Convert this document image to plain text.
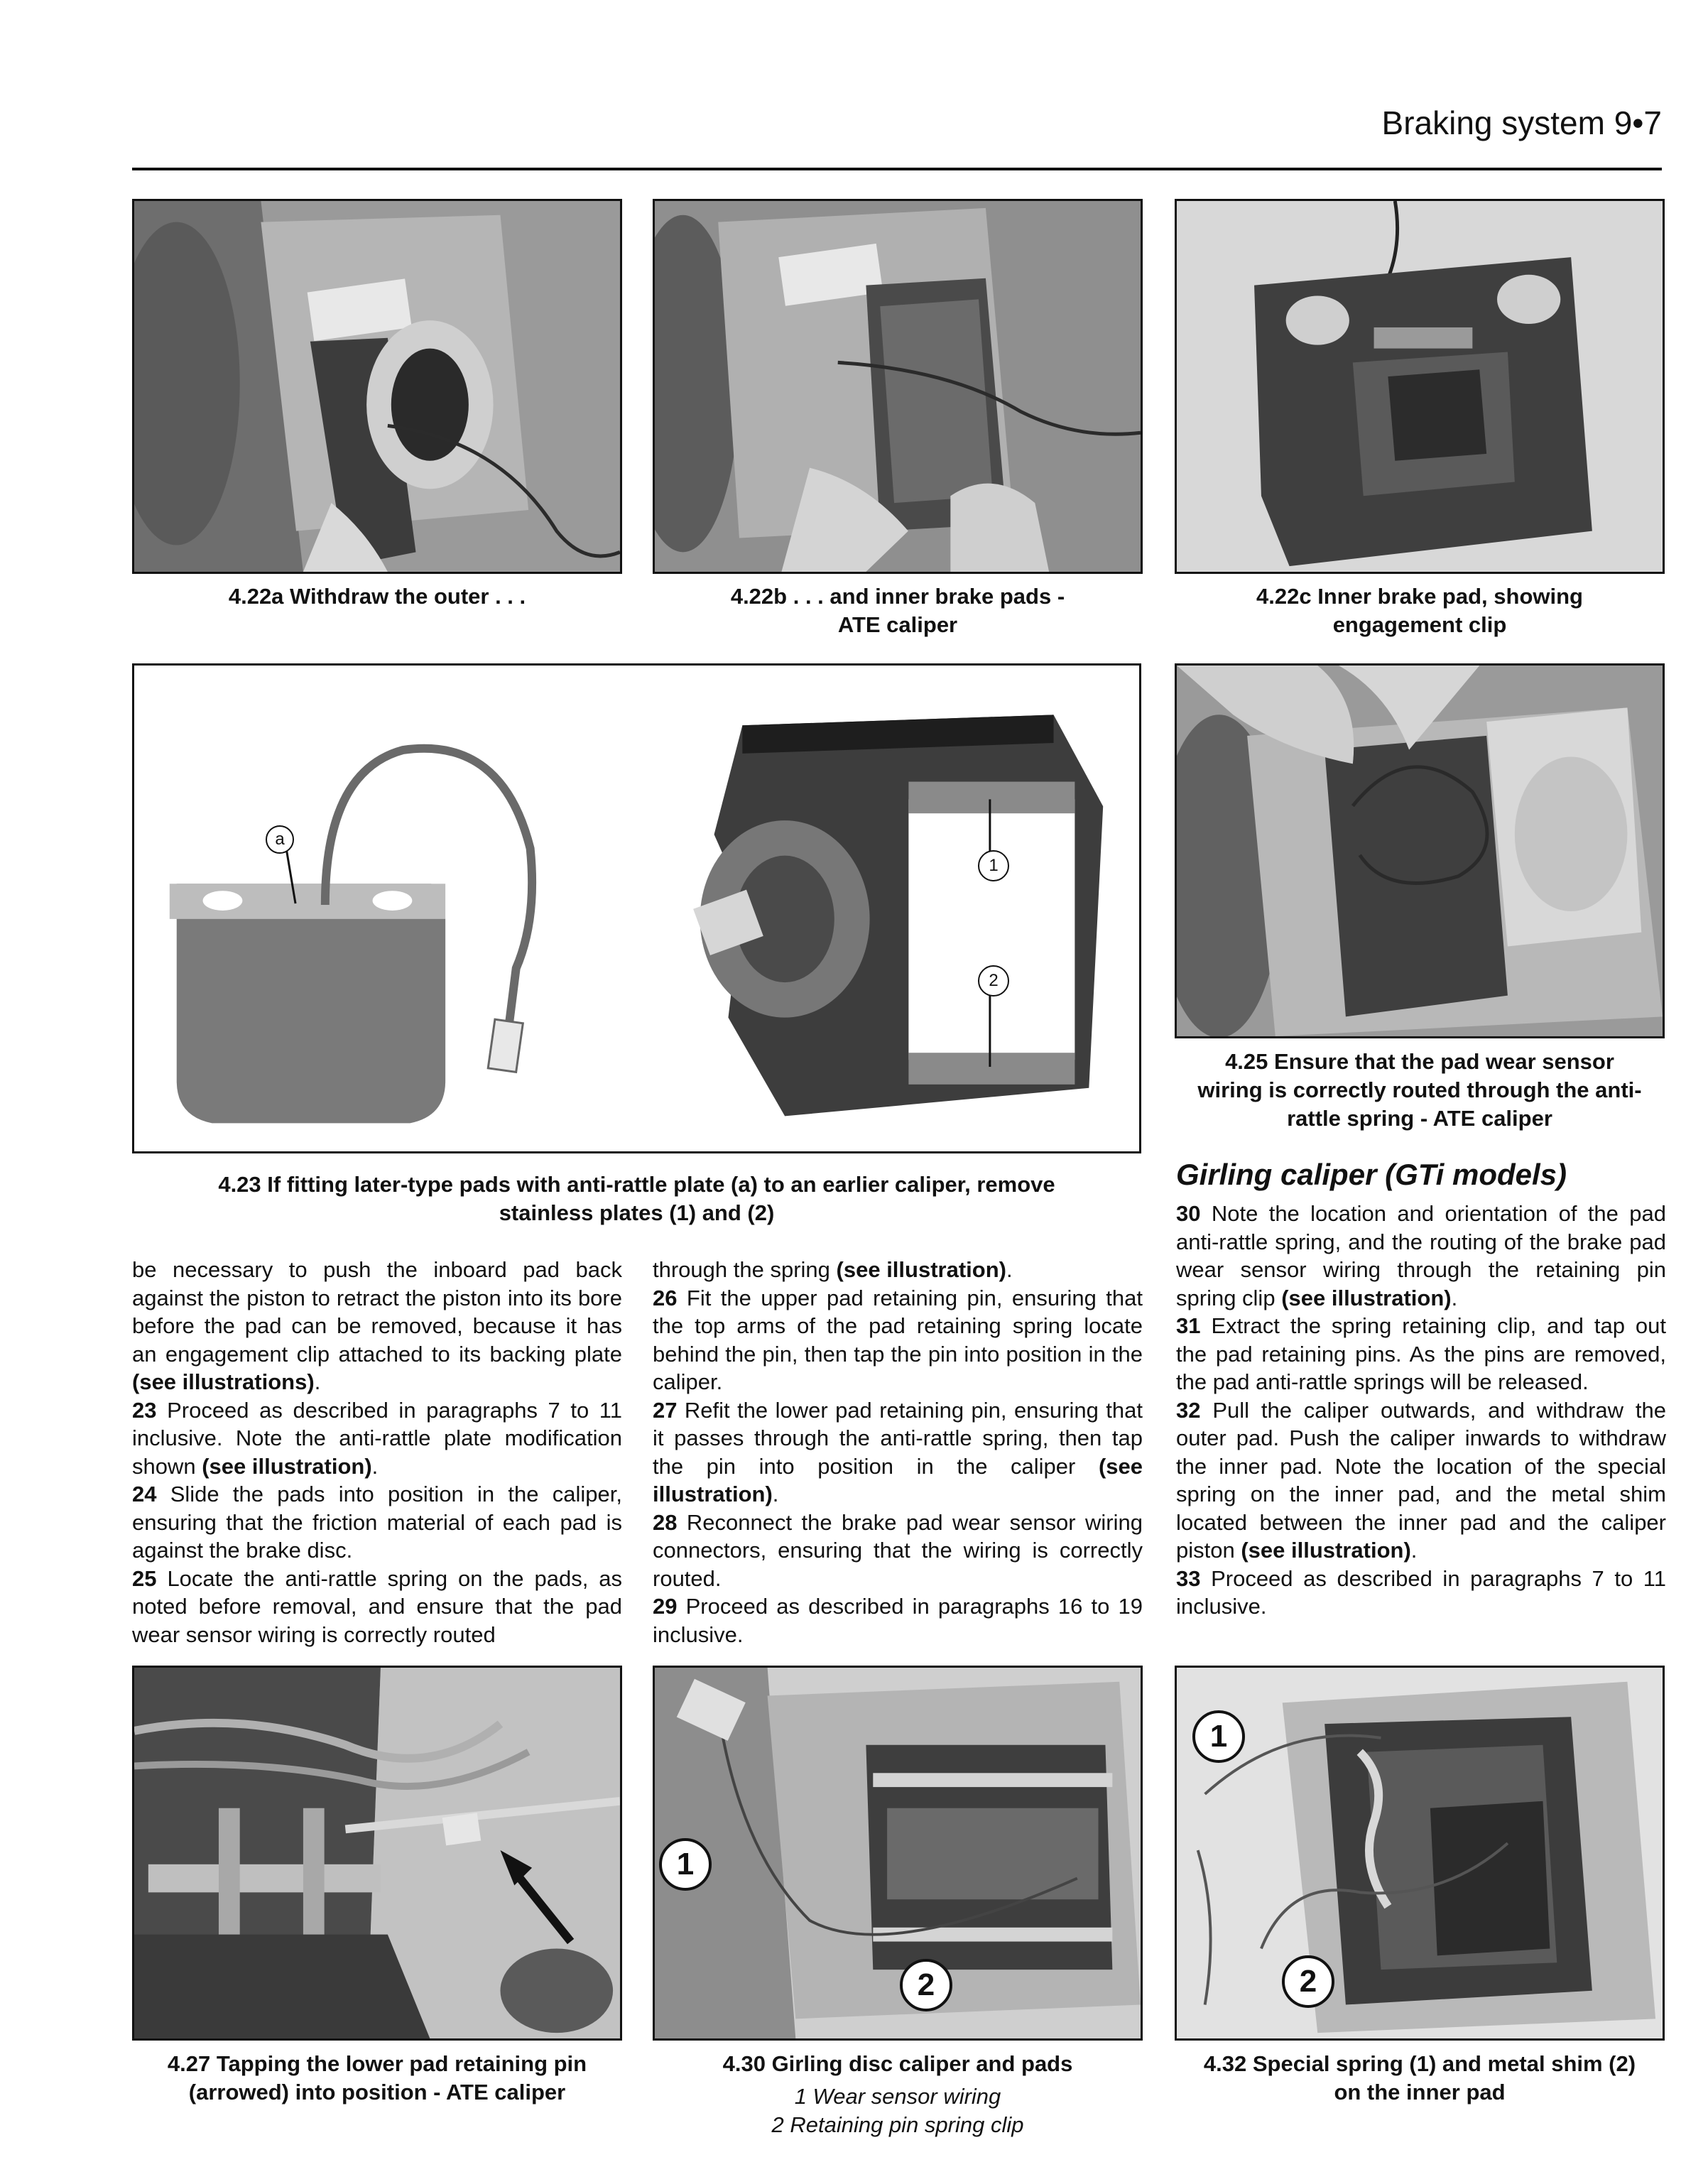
Braking system 9•7
4.22a Withdraw the outer . . .	4.22b . . . and inner brake pads -
ATE caliper
4.22c Inner brake pad, showing
engagement clip
a
1
2
4.23 If fitting later-type pads with anti-rattle plate (a) to an earlier caliper, remove
stainless plates (1) and (2)
4.25 Ensure that the pad wear sensor
wiring is correctly routed through the anti-
rattle spring - ATE caliper
Girling caliper (GTi models)

be necessary to push the inboard pad back against the piston to retract the piston into its bore before the pad can be removed, because it has an engagement clip attached to its backing plate (see illustrations).

23 Proceed as described in paragraphs 7 to 11 inclusive. Note the anti-rattle plate modification shown (see illustration).

24 Slide the pads into position in the caliper, ensuring that the friction material of each pad is against the brake disc.

25 Locate the anti-rattle spring on the pads, as noted before removal, and ensure that the pad wear sensor wiring is correctly routed

through the spring (see illustration).

26 Fit the upper pad retaining pin, ensuring that the top arms of the pad retaining spring locate behind the pin, then tap the pin into position in the caliper.

27 Refit the lower pad retaining pin, ensuring that it passes through the anti-rattle spring, then tap the pin into position in the caliper (see illustration).

28 Reconnect the brake pad wear sensor wiring connectors, ensuring that the wiring is correctly routed.

29 Proceed as described in paragraphs 16 to 19 inclusive.

30 Note the location and orientation of the pad anti-rattle spring, and the routing of the brake pad wear sensor wiring through the retaining pin spring clip (see illustration).

31 Extract the spring retaining clip, and tap out the pad retaining pins. As the pins are removed, the pad anti-rattle springs will be released.

32 Pull the caliper outwards, and withdraw the outer pad. Push the caliper inwards to withdraw the inner pad. Note the location of the special spring on the inner pad, and the metal shim located between the inner pad and the caliper piston (see illustration).

33 Proceed as described in paragraphs 7 to 11 inclusive.

1
2
1
2
4.27 Tapping the lower pad retaining pin
(arrowed) into position - ATE caliper
4.30 Girling disc caliper and pads
1 Wear sensor wiring
2 Retaining pin spring clip
4.32 Special spring (1) and metal shim (2)
on the inner pad
